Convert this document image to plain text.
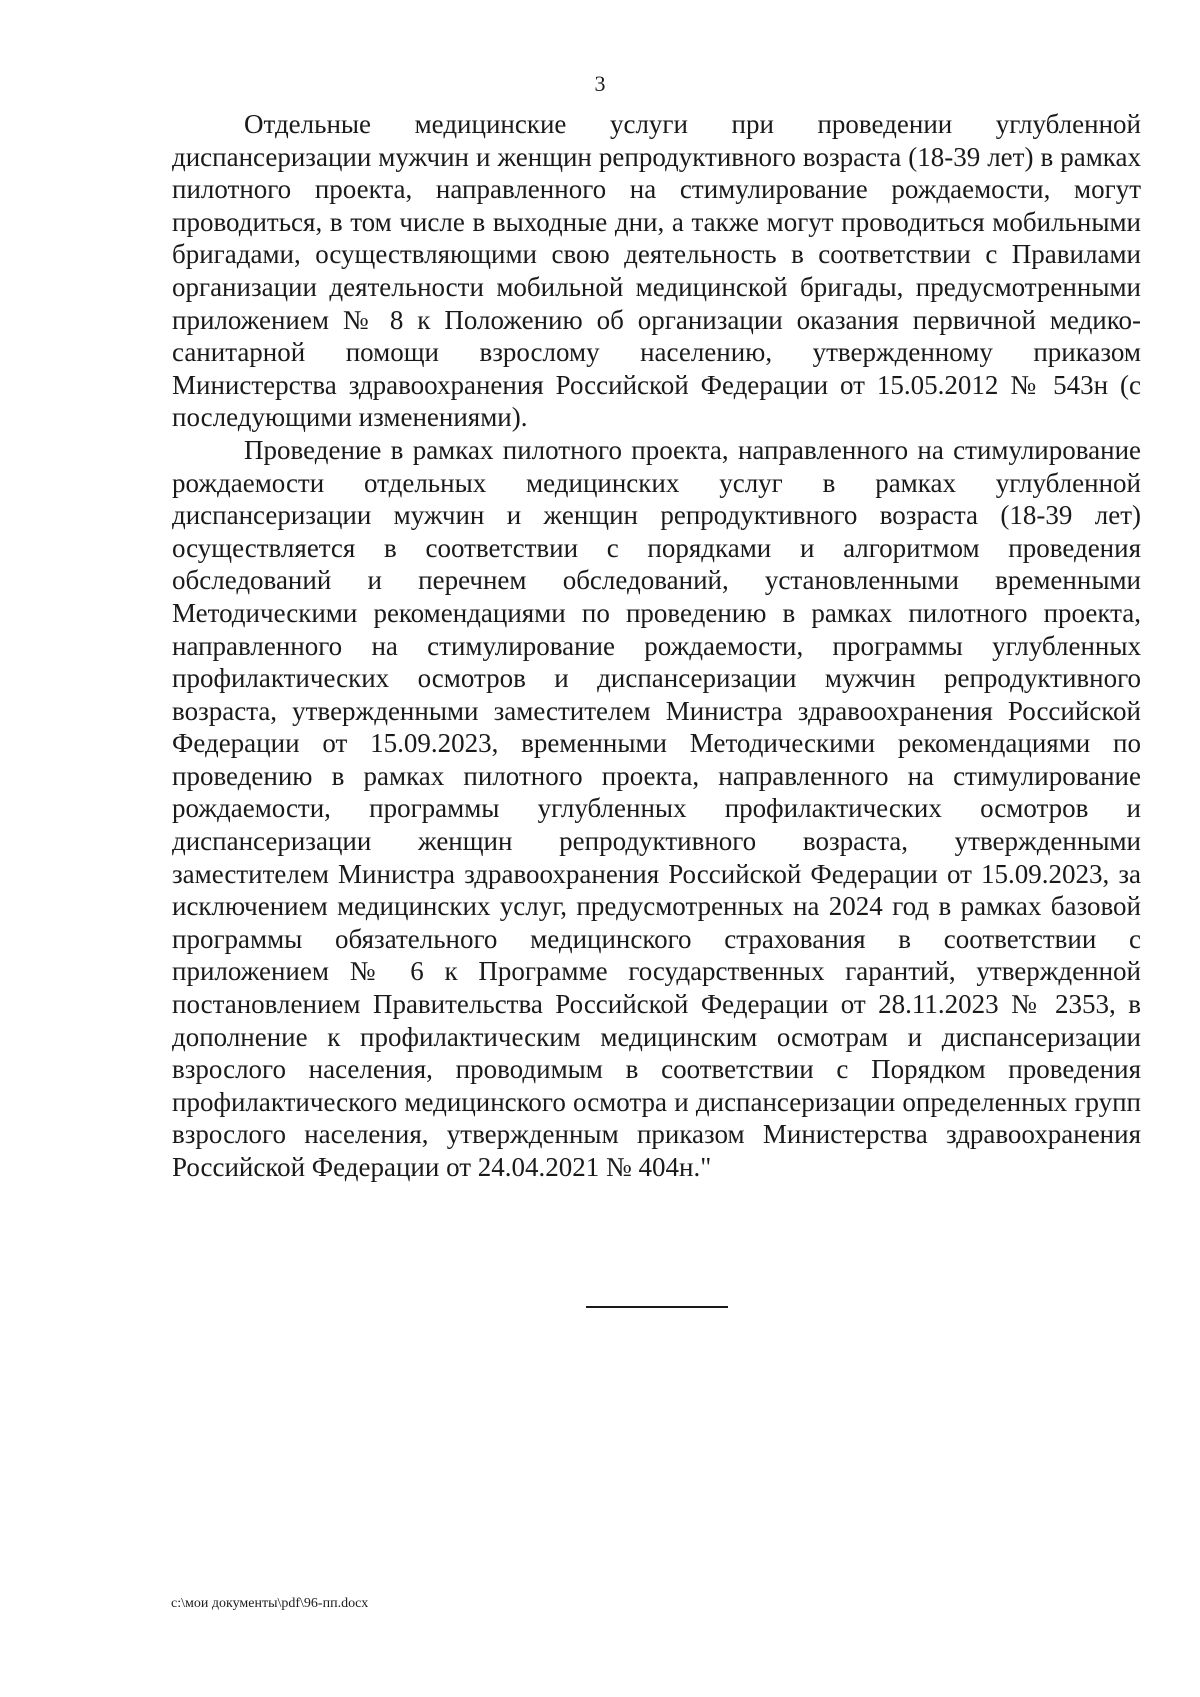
3

Отдельные медицинские услуги при проведении углубленной диспансеризации мужчин и женщин репродуктивного возраста (18-39 лет) в рамках пилотного проекта, направленного на стимулирование рождаемости, могут проводиться, в том числе в выходные дни, а также могут проводиться мобильными бригадами, осуществляющими свою деятельность в соответствии с Правилами организации деятельности мобильной медицинской бригады, предусмотренными приложением № 8 к Положению об организации оказания первичной медико-санитарной помощи взрослому населению, утвержденному приказом Министерства здравоохранения Российской Федерации от 15.05.2012 № 543н (с последующими изменениями).

Проведение в рамках пилотного проекта, направленного на стимулирование рождаемости отдельных медицинских услуг в рамках углубленной диспансеризации мужчин и женщин репродуктивного возраста (18-39 лет) осуществляется в соответствии с порядками и алгоритмом проведения обследований и перечнем обследований, установленными временными Методическими рекомендациями по проведению в рамках пилотного проекта, направленного на стимулирование рождаемости, программы углубленных профилактических осмотров и диспансеризации мужчин репродуктивного возраста, утвержденными заместителем Министра здравоохранения Российской Федерации от 15.09.2023, временными Методическими рекомендациями по проведению в рамках пилотного проекта, направленного на стимулирование рождаемости, программы углубленных профилактических осмотров и диспансеризации женщин репродуктивного возраста, утвержденными заместителем Министра здравоохранения Российской Федерации от 15.09.2023, за исключением медицинских услуг, предусмотренных на 2024 год в рамках базовой программы обязательного медицинского страхования в соответствии с приложением № 6 к Программе государственных гарантий, утвержденной постановлением Правительства Российской Федерации от 28.11.2023 № 2353, в дополнение к профилактическим медицинским осмотрам и диспансеризации взрослого населения, проводимым в соответствии с Порядком проведения профилактического медицинского осмотра и диспансеризации определенных групп взрослого населения, утвержденным приказом Министерства здравоохранения Российской Федерации от 24.04.2021 № 404н."

c:\мои документы\pdf\96-пп.docx
